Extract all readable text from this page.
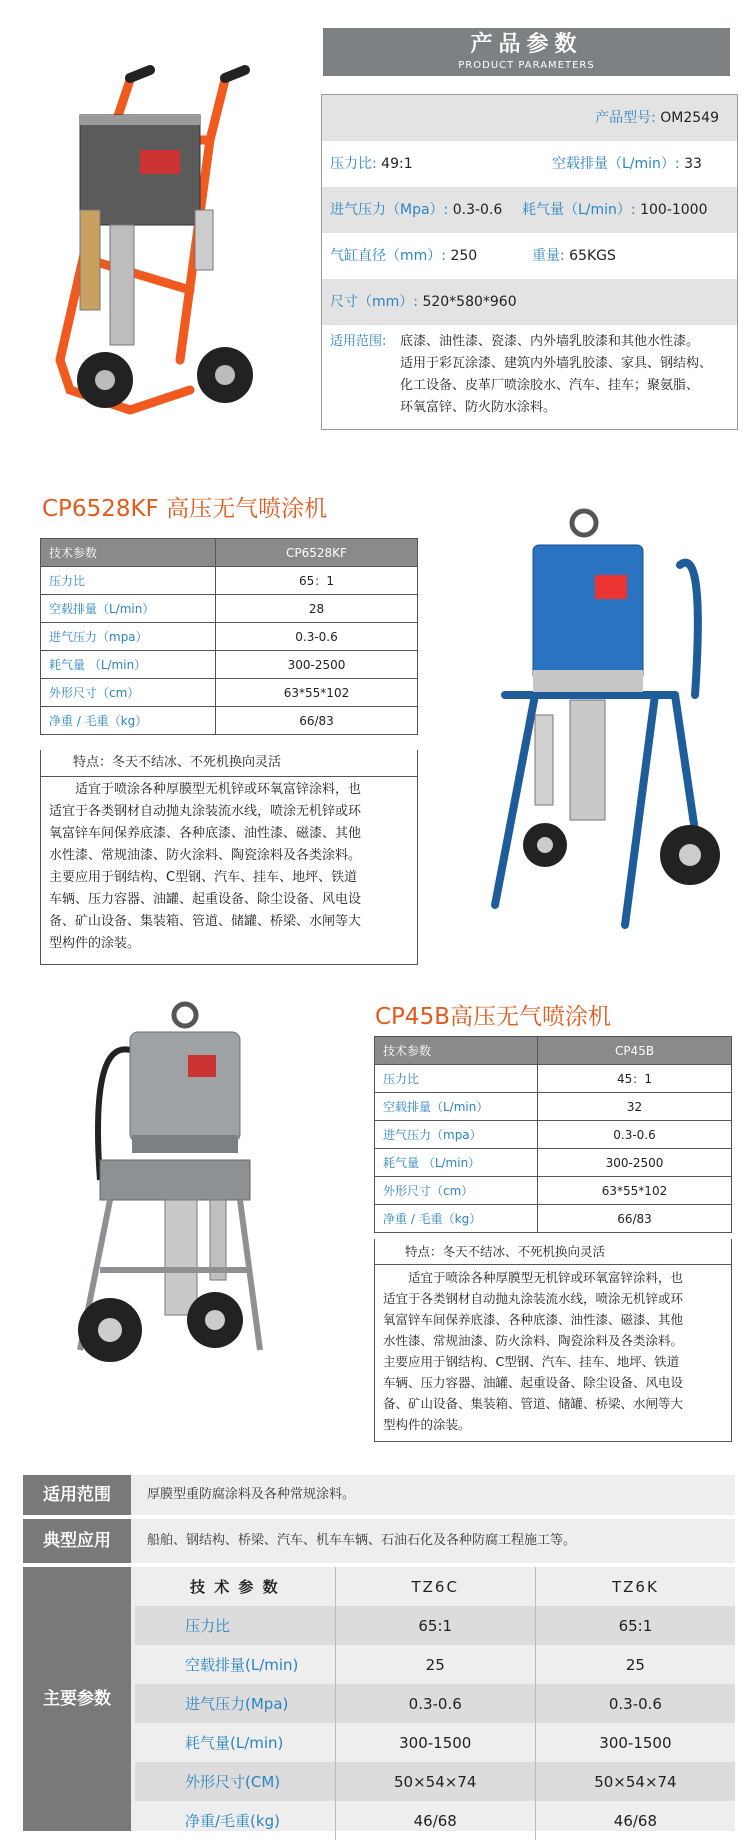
产品参数
PRODUCT PARAMETERS
产品型号: OM2549
压力比: 49:1	空载排量（L/min）: 33
进气压力（Mpa）: 0.3-0.6 耗气量（L/min）: 100-1000
气缸直径（mm）: 250	重量: 65KGS
尺寸（mm）: 520*580*960
适用范围: 底漆、油性漆、瓷漆、内外墙乳胶漆和其他水性漆。
适用于彩瓦涂漆、建筑内外墙乳胶漆、家具、钢结构、
化工设备、皮革厂喷涂胶水、汽车、挂车；聚氨脂、
环氧富锌、防火防水涂料。
CP6528KF 高压无气喷涂机
技术参数	CP6528KF
压力比	65：1
空载排量（L/min）	28
进气压力（mpa）	0.3-0.6
耗气量 （L/min）	300-2500
外形尺寸（cm）	63*55*102
净重 / 毛重（kg）	66/83
特点：冬天不结冰、不死机换向灵活
　　适宜于喷涂各种厚膜型无机锌或环氧富锌涂料，也
适宜于各类钢材自动抛丸涂装流水线，喷涂无机锌或环
氧富锌车间保养底漆、各种底漆、油性漆、磁漆、其他
水性漆、常规油漆、防火涂料、陶瓷涂料及各类涂料。
主要应用于钢结构、C型钢、汽车、挂车、地坪、铁道
车辆、压力容器、油罐、起重设备、除尘设备、风电设
备、矿山设备、集装箱、管道、储罐、桥梁、水闸等大
型构件的涂装。
CP45B高压无气喷涂机
技术参数	CP45B
压力比	45：1
空载排量（L/min）	32
进气压力（mpa）	0.3-0.6
耗气量 （L/min）	300-2500
外形尺寸（cm）	63*55*102
净重 / 毛重（kg）	66/83
特点：冬天不结冰、不死机换向灵活
　　适宜于喷涂各种厚膜型无机锌或环氧富锌涂料，也
适宜于各类钢材自动抛丸涂装流水线，喷涂无机锌或环
氧富锌车间保养底漆、各种底漆、油性漆、磁漆、其他
水性漆、常规油漆、防火涂料、陶瓷涂料及各类涂料。
主要应用于钢结构、C型钢、汽车、挂车、地坪、铁道
车辆、压力容器、油罐、起重设备、除尘设备、风电设
备、矿山设备、集装箱、管道、储罐、桥梁、水闸等大
型构件的涂装。
适用范围	厚膜型重防腐涂料及各种常规涂料。
典型应用	船舶、钢结构、桥梁、汽车、机车车辆、石油石化及各种防腐工程施工等。
主要参数
技 术 参 数	TZ6C	TZ6K
压力比	65:1	65:1
空载排量(L/min)	25	25
进气压力(Mpa)	0.3-0.6	0.3-0.6
耗气量(L/min)	300-1500	300-1500
外形尺寸(CM)	50×54×74	50×54×74
净重/毛重(kg)	46/68	46/68
